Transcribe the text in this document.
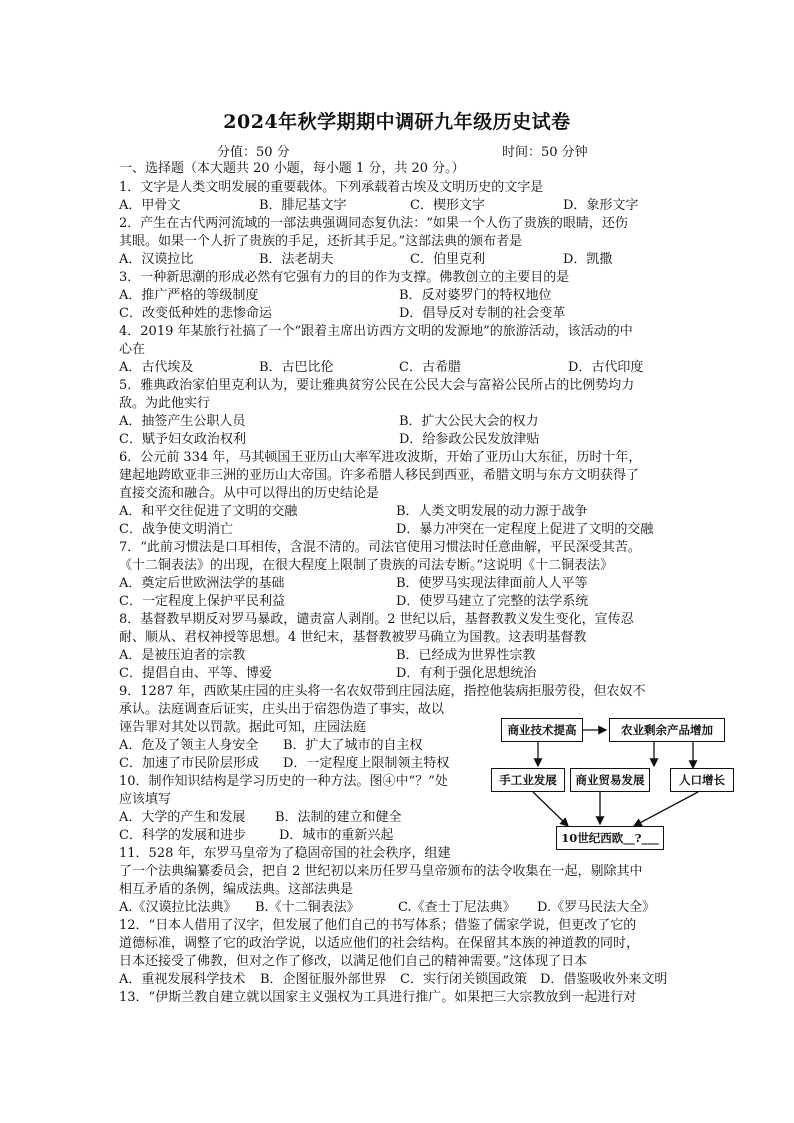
2024年秋学期期中调研九年级历史试卷
分值：50 分	时间：50 分钟
一、选择题（本大题共 20 小题，每小题 1 分，共 20 分。）
1．文字是人类文明发展的重要载体。下列承载着古埃及文明历史的文字是
A．甲骨文	B．腓尼基文字	C．楔形文字	D．象形文字
2．产生在古代两河流域的一部法典强调同态复仇法：“如果一个人伤了贵族的眼睛，还伤
其眼。如果一个人折了贵族的手足，还折其手足。”这部法典的颁布者是
A．汉谟拉比	B．法老胡夫	C．伯里克利	D．凯撒
3．一种新思潮的形成必然有它强有力的目的作为支撑。佛教创立的主要目的是
A．推广严格的等级制度	B．反对婆罗门的特权地位
C．改变低种姓的悲惨命运	D．倡导反对专制的社会变革
4．2019 年某旅行社搞了一个“跟着主席出访西方文明的发源地”的旅游活动，该活动的中
心在
A．古代埃及	B．古巴比伦	C．古希腊	D．古代印度
5．雅典政治家伯里克利认为，要让雅典贫穷公民在公民大会与富裕公民所占的比例势均力
敌。为此他实行
A．抽签产生公职人员	B．扩大公民大会的权力
C．赋予妇女政治权利	D．给参政公民发放津贴
6．公元前 334 年，马其顿国王亚历山大率军进攻波斯，开始了亚历山大东征，历时十年，
建起地跨欧亚非三洲的亚历山大帝国。许多希腊人移民到西亚，希腊文明与东方文明获得了
直接交流和融合。从中可以得出的历史结论是
A．和平交往促进了文明的交融	B．人类文明发展的动力源于战争
C．战争使文明消亡	D．暴力冲突在一定程度上促进了文明的交融
7．“此前习惯法是口耳相传，含混不清的。司法官使用习惯法时任意曲解，平民深受其苦。
《十二铜表法》的出现，在很大程度上限制了贵族的司法专断。”这说明《十二铜表法》
A．奠定后世欧洲法学的基础	B．使罗马实现法律面前人人平等
C．一定程度上保护平民利益	D．使罗马建立了完整的法学系统
8．基督教早期反对罗马暴政，谴责富人剥削。2 世纪以后，基督教教义发生变化，宣传忍
耐、顺从、君权神授等思想。4 世纪末，基督教被罗马确立为国教。这表明基督教
A．是被压迫者的宗教	B．已经成为世界性宗教
C．提倡自由、平等、博爱	D．有利于强化思想统治
9．1287 年，西欧某庄园的庄头将一名农奴带到庄园法庭，指控他装病拒服劳役，但农奴不
承认。法庭调查后证实，庄头出于宿怨伪造了事实，故以
诬告罪对其处以罚款。据此可知，庄园法庭
A．危及了领主人身安全 B．扩大了城市的自主权
C．加速了市民阶层形成 D．一定程度上限制领主特权
10．制作知识结构是学习历史的一种方法。图④中“？”处
应该填写
A．大学的产生和发展 B．法制的建立和健全
C．科学的发展和进步	D．城市的重新兴起
商业技术提高	农业剩余产品增加
手工业发展	商业贸易发展	人口增长
10世纪西欧__?___
11．528 年，东罗马皇帝为了稳固帝国的社会秩序，组建
了一个法典编纂委员会，把自 2 世纪初以来历任罗马皇帝颁布的法令收集在一起，剔除其中
相互矛盾的条例，编成法典。这部法典是
A.《汉谟拉比法典》 B.《十二铜表法》	C.《查士丁尼法典》 D.《罗马民法大全》
12．“日本人借用了汉字，但发展了他们自己的书写体系；借鉴了儒家学说，但更改了它的
道德标准，调整了它的政治学说，以适应他们的社会结构。在保留其本族的神道教的同时，
日本还接受了佛教，但对之作了修改，以满足他们自己的精神需要。”这体现了日本
A．重视发展科学技术 B．企图征服外部世界 C．实行闭关锁国政策 D．借鉴吸收外来文明
13．“伊斯兰教自建立就以国家主义强权为工具进行推广。如果把三大宗教放到一起进行对
